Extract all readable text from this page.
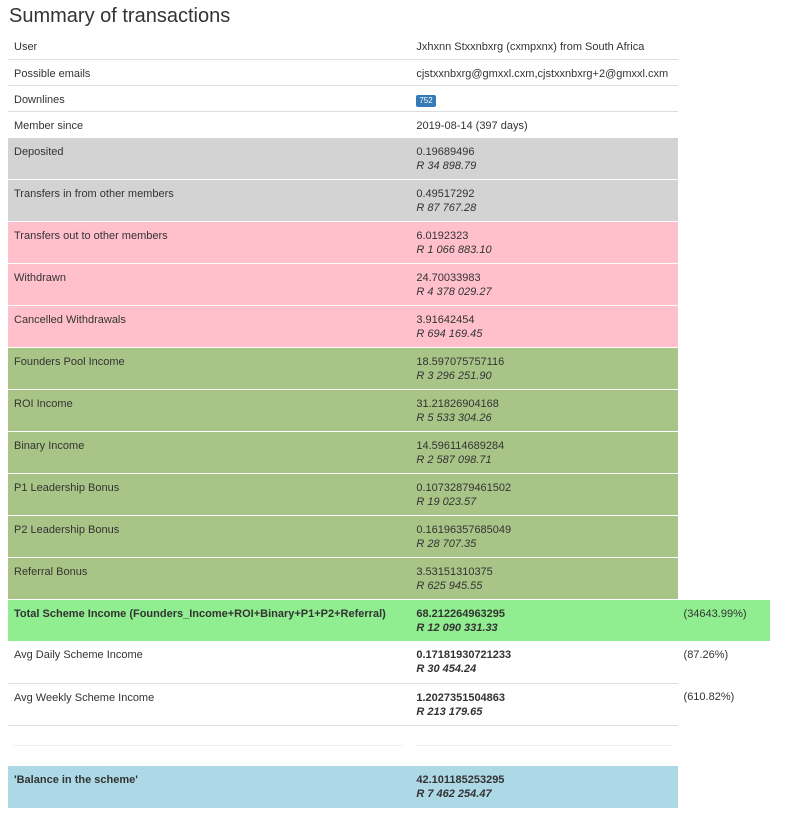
Summary of transactions
User	Jxhxnn Stxxnbxrg (cxmpxnx) from South Africa	
Possible emails	cjstxxnbxrg@gmxxl.cxm,cjstxxnbxrg+2@gmxxl.cxm	
Downlines	752	
Member since	2019-08-14 (397 days)	
Deposited	0.19689496
R 34 898.79	

Transfers in from other members	0.49517292
R 87 767.28	

Transfers out to other members	6.0192323
R 1 066 883.10	

Withdrawn	24.70033983
R 4 378 029.27	

Cancelled Withdrawals	3.91642454
R 694 169.45	

Founders Pool Income	18.597075757116
R 3 296 251.90	

ROI Income	31.21826904168
R 5 533 304.26	

Binary Income	14.596114689284
R 2 587 098.71	

P1 Leadership Bonus	0.10732879461502
R 19 023.57	

P2 Leadership Bonus	0.16196357685049
R 28 707.35	

Referral Bonus	3.53151310375
R 625 945.55	

Total Scheme Income (Founders_Income+ROI+Binary+P1+P2+Referral)	68.212264963295
R 12 090 331.33	(34643.99%)
Avg Daily Scheme Income	0.17181930721233
R 30 454.24	(87.26%)
Avg Weekly Scheme Income	1.2027351504863
R 213 179.65	(610.82%)

'Balance in the scheme'	42.101185253295
R 7 462 254.47	
